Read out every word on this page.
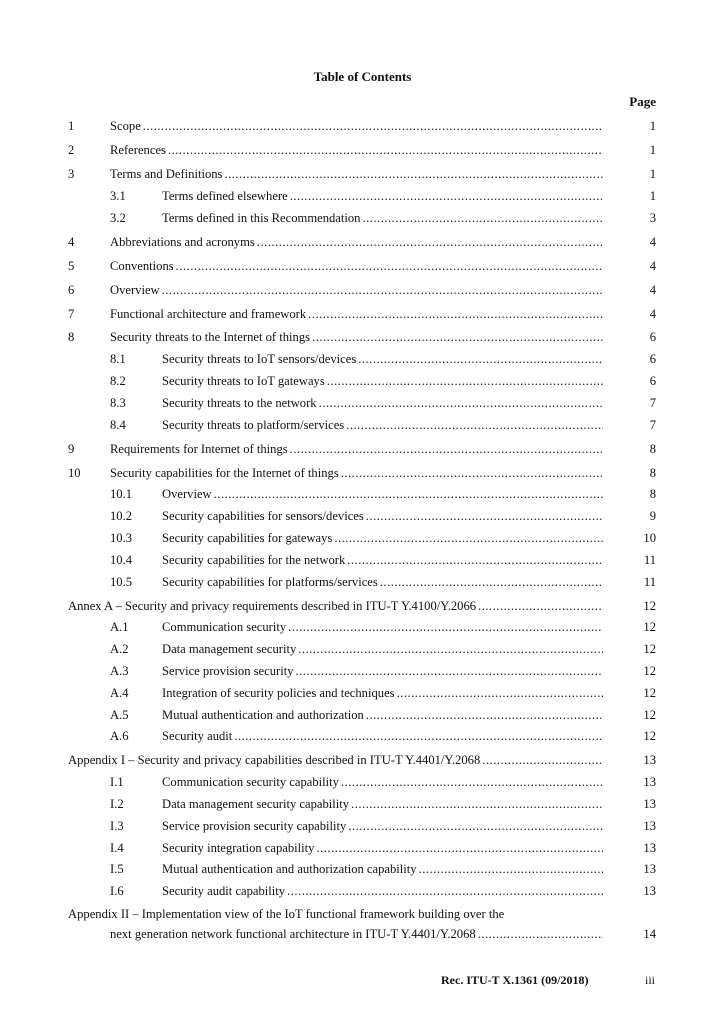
Table of Contents
Page
1	Scope .....	1
2	References .....	1
3	Terms and Definitions .....	1
3.1	Terms defined elsewhere .....	1
3.2	Terms defined in this Recommendation .....	3
4	Abbreviations and acronyms .....	4
5	Conventions .....	4
6	Overview .....	4
7	Functional architecture and framework .....	4
8	Security threats to the Internet of things .....	6
8.1	Security threats to IoT sensors/devices .....	6
8.2	Security threats to IoT gateways .....	6
8.3	Security threats to the network .....	7
8.4	Security threats to platform/services .....	7
9	Requirements for Internet of things .....	8
10 Security capabilities for the Internet of things .....	8
10.1 Overview .....	8
10.2 Security capabilities for sensors/devices .....	9
10.3 Security capabilities for gateways .....	10
10.4 Security capabilities for the network .....	11
10.5 Security capabilities for platforms/services .....	11
Annex A – Security and privacy requirements described in ITU-T Y.4100/Y.2066 .....	12
A.1	Communication security .....	12
A.2	Data management security .....	12
A.3	Service provision security .....	12
A.4	Integration of security policies and techniques .....	12
A.5	Mutual authentication and authorization .....	12
A.6	Security audit .....	12
Appendix I – Security and privacy capabilities described in ITU-T Y.4401/Y.2068 .....	13
I.1	Communication security capability .....	13
I.2	Data management security capability .....	13
I.3	Service provision security capability .....	13
I.4	Security integration capability .....	13
I.5	Mutual authentication and authorization capability .....	13
I.6	Security audit capability .....	13
Appendix II – Implementation view of the IoT functional framework building over the
next generation network functional architecture in ITU-T Y.4401/Y.2068 .....	14
Rec. ITU-T X.1361 (09/2018)	iii
